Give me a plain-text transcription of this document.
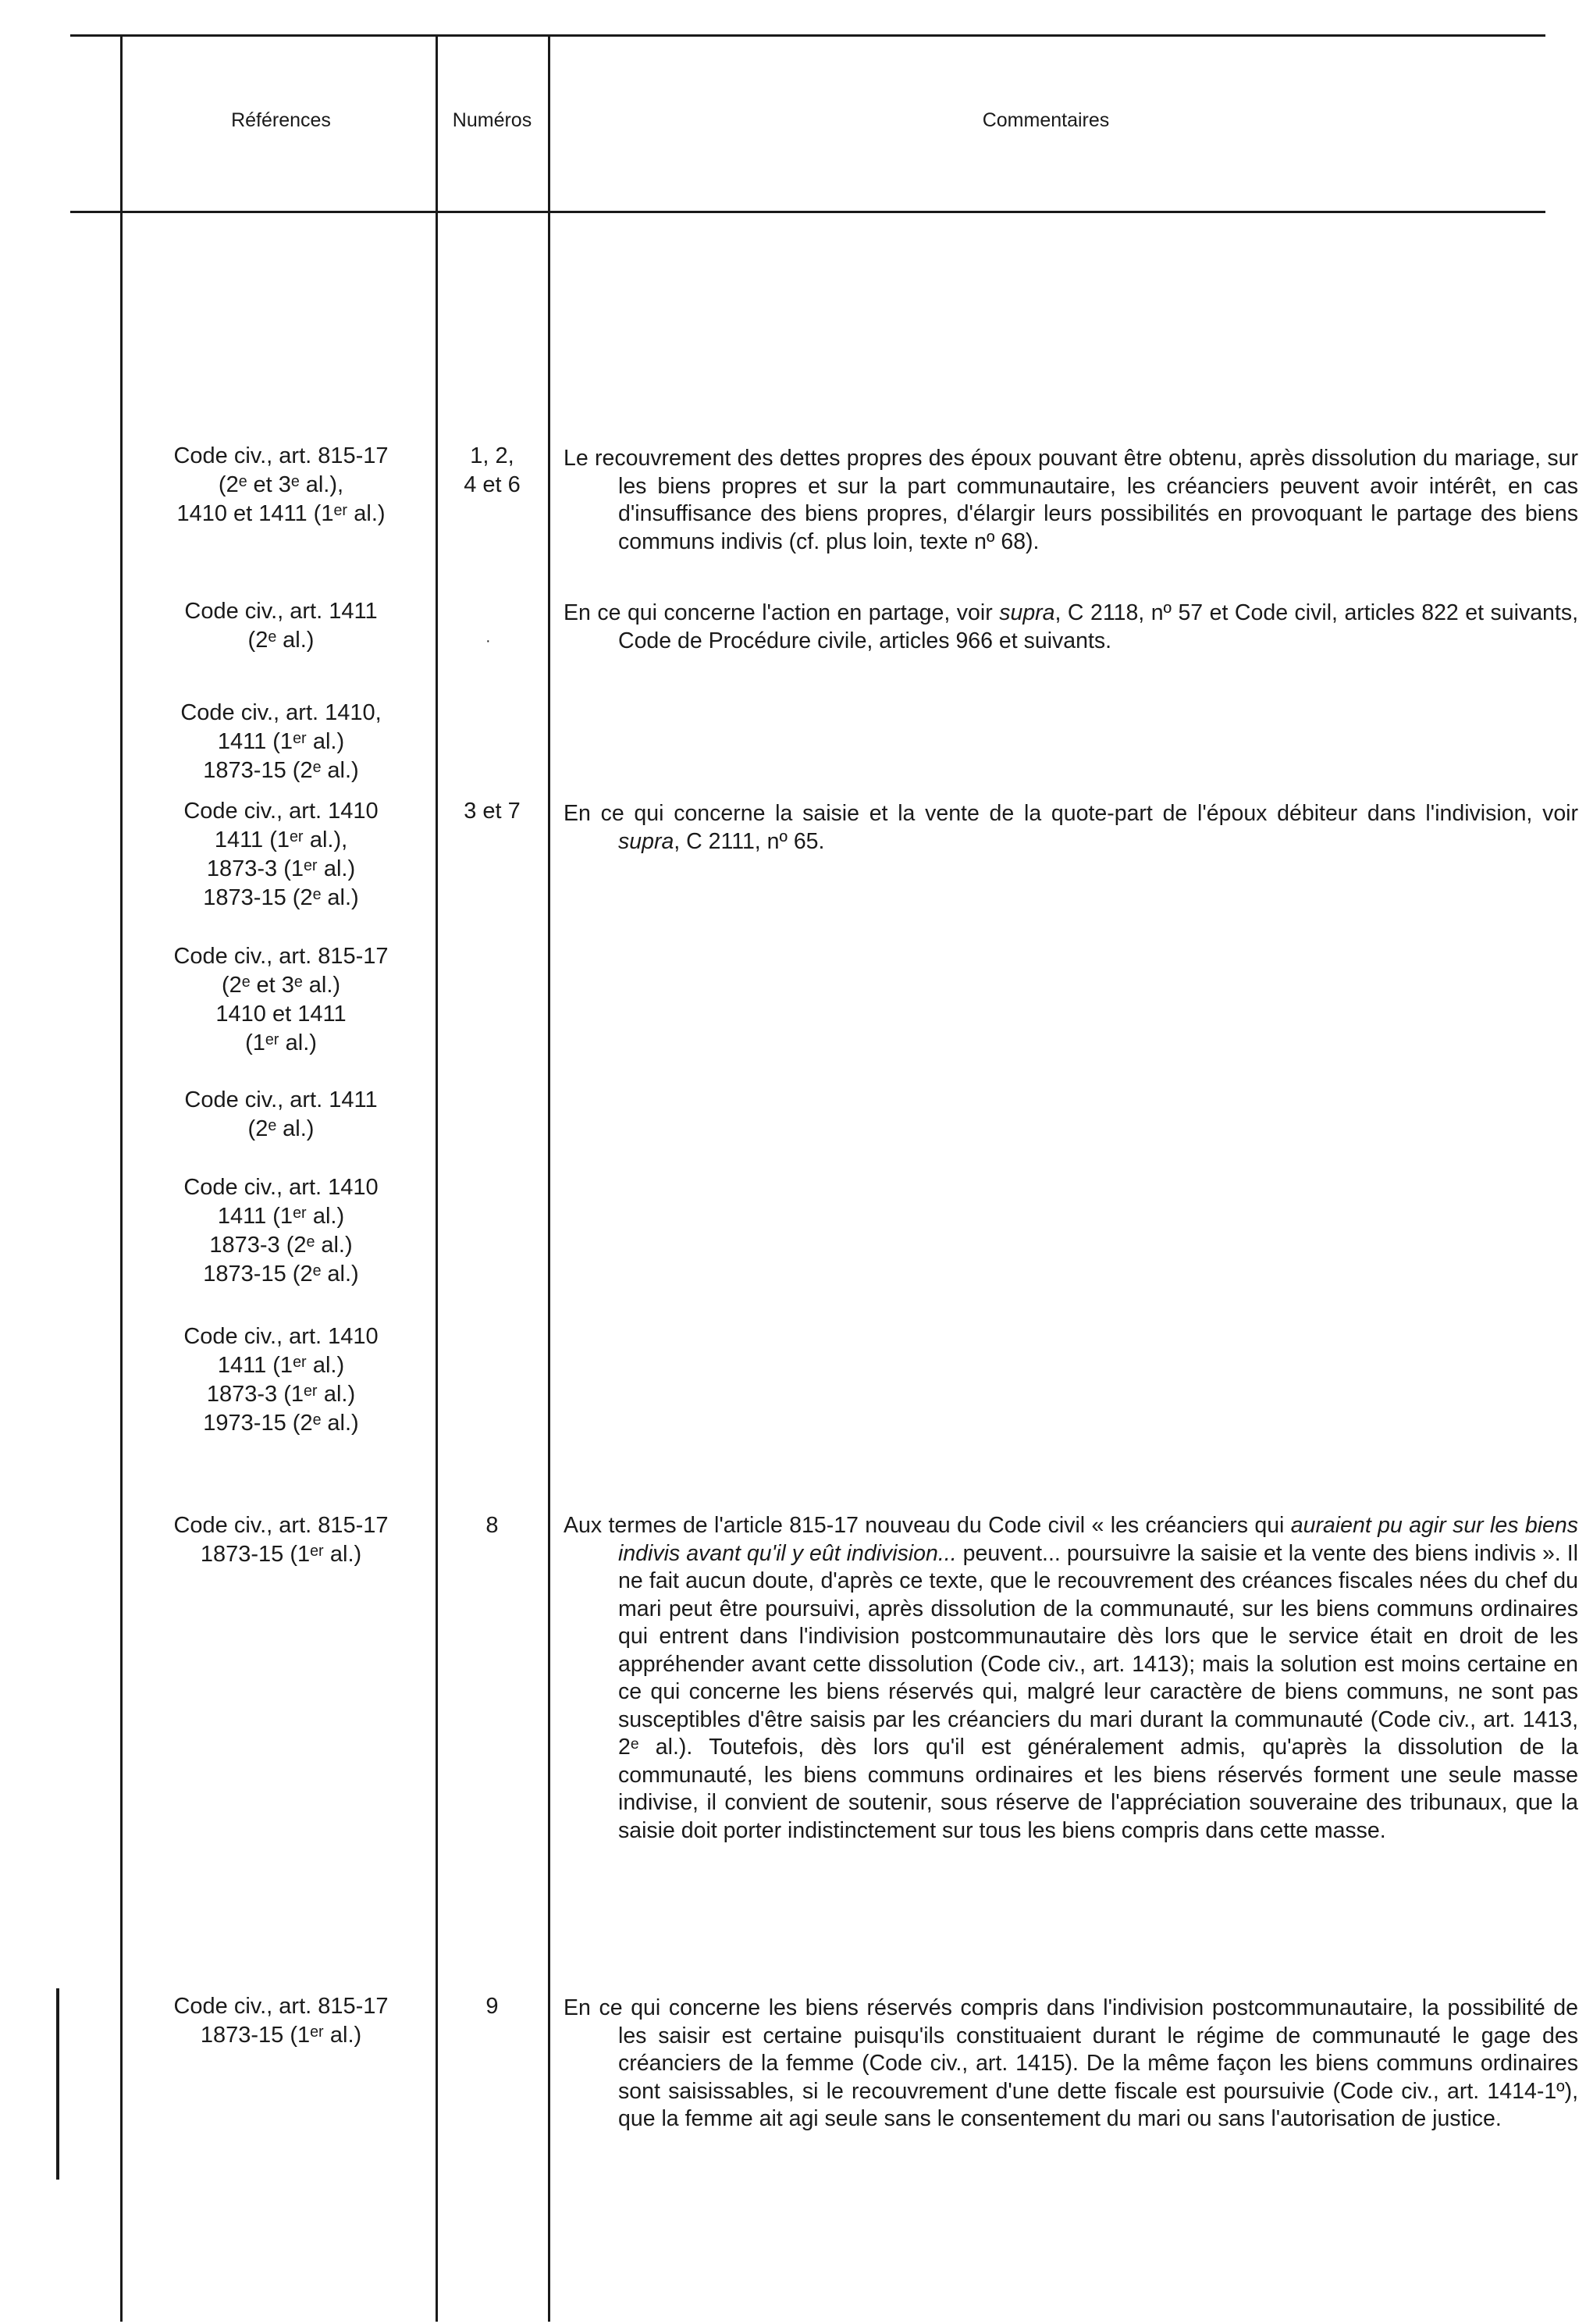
Références	Numéros	Commentaires
Code civ., art. 815-17
(2ᵉ et 3ᵉ al.),
1410 et 1411 (1ᵉʳ al.)
Code civ., art. 1411
(2ᵉ al.)
Code civ., art. 1410,
1411 (1ᵉʳ al.)
1873-15 (2ᵉ al.)
Code civ., art. 1410
1411 (1ᵉʳ al.),
1873-3 (1ᵉʳ al.)
1873-15 (2ᵉ al.)
Code civ., art. 815-17
(2ᵉ et 3ᵉ al.)
1410 et 1411
(1ᵉʳ al.)
Code civ., art. 1411
(2ᵉ al.)
Code civ., art. 1410
1411 (1ᵉʳ al.)
1873-3 (2ᵉ al.)
1873-15 (2ᵉ al.)
Code civ., art. 1410
1411 (1ᵉʳ al.)
1873-3 (1ᵉʳ al.)
1973-15 (2ᵉ al.)
Code civ., art. 815-17
1873-15 (1ᵉʳ al.)
Code civ., art. 815-17
1873-15 (1ᵉʳ al.)
1, 2,
4 et 6
·
3 et 7
8
9
Le recouvrement des dettes propres des époux pouvant être obtenu, après dissolution du mariage, sur les biens propres et sur la part communautaire, les créanciers peuvent avoir intérêt, en cas d'insuffisance des biens propres, d'élargir leurs possibilités en provoquant le partage des biens communs indivis (cf. plus loin, texte nº 68).
En ce qui concerne l'action en partage, voir supra, C 2118, nº 57 et Code civil, articles 822 et suivants, Code de Procédure civile, articles 966 et suivants.
En ce qui concerne la saisie et la vente de la quote-part de l'époux débiteur dans l'indivision, voir supra, C 2111, nº 65.
Aux termes de l'article 815-17 nouveau du Code civil « les créanciers qui auraient pu agir sur les biens indivis avant qu'il y eût indivision... peuvent... poursuivre la saisie et la vente des biens indivis ». Il ne fait aucun doute, d'après ce texte, que le recouvrement des créances fiscales nées du chef du mari peut être poursuivi, après dissolution de la communauté, sur les biens communs ordinaires qui entrent dans l'indivision postcommunautaire dès lors que le service était en droit de les appréhender avant cette dissolution (Code civ., art. 1413); mais la solution est moins certaine en ce qui concerne les biens réservés qui, malgré leur caractère de biens communs, ne sont pas susceptibles d'être saisis par les créanciers du mari durant la communauté (Code civ., art. 1413, 2ᵉ al.). Toutefois, dès lors qu'il est généralement admis, qu'après la dissolution de la communauté, les biens communs ordinaires et les biens réservés forment une seule masse indivise, il convient de soutenir, sous réserve de l'appréciation souveraine des tribunaux, que la saisie doit porter indistinctement sur tous les biens compris dans cette masse.
En ce qui concerne les biens réservés compris dans l'indivision postcommunautaire, la possibilité de les saisir est certaine puisqu'ils constituaient durant le régime de communauté le gage des créanciers de la femme (Code civ., art. 1415). De la même façon les biens communs ordinaires sont saisissables, si le recouvrement d'une dette fiscale est poursuivie (Code civ., art. 1414-1º), que la femme ait agi seule sans le consentement du mari ou sans l'autorisation de justice.
